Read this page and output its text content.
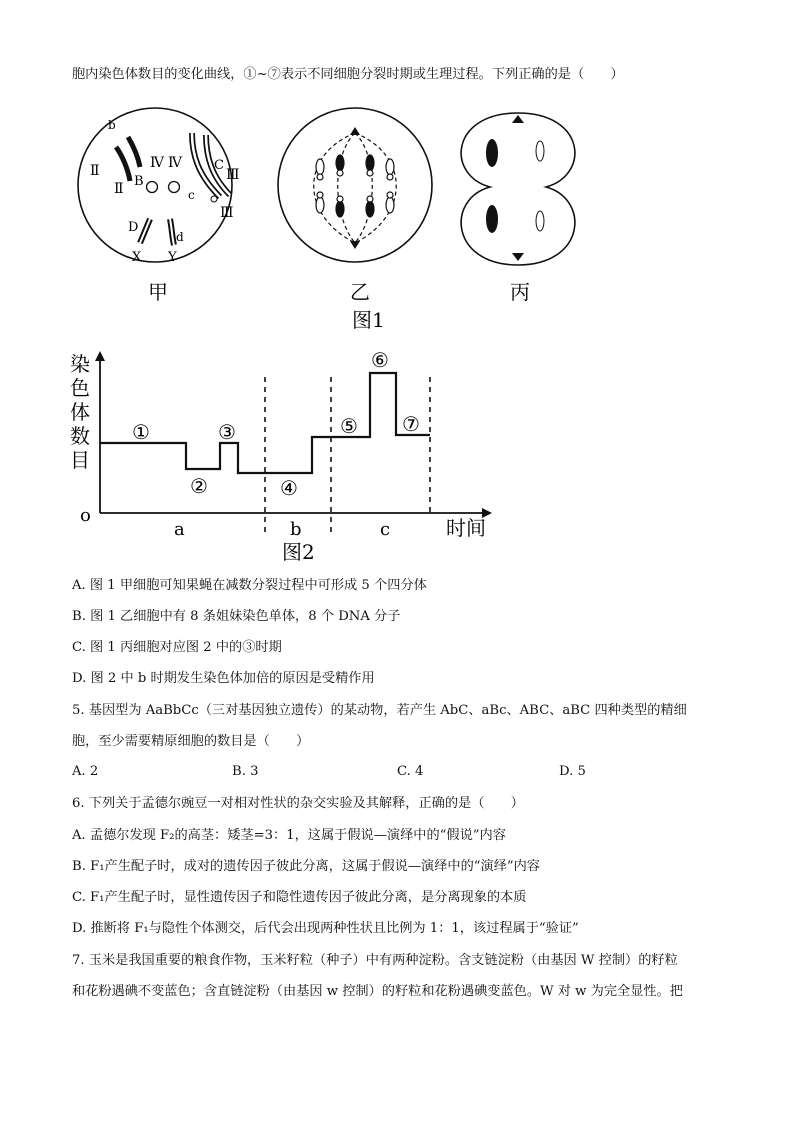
胞内染色体数目的变化曲线，①~⑦表示不同细胞分裂时期或生理过程。下列正确的是（　　）
b
Ⅱ
Ⅱ B
Ⅳ Ⅳ C
Ⅲ
c
Ⅲ
D
d
X Y
甲	乙	丙
图1
染
色
体
数
目
o
时间
①
②
③
④
⑤
⑥
⑦
a	b	c
图2
A. 图 1 甲细胞可知果蝇在减数分裂过程中可形成 5 个四分体
B. 图 1 乙细胞中有 8 条姐妹染色单体，8 个 DNA 分子
C. 图 1 丙细胞对应图 2 中的③时期
D. 图 2 中 b 时期发生染色体加倍的原因是受精作用
5. 基因型为 AaBbCc（三对基因独立遗传）的某动物，若产生 AbC、aBc、ABC、aBC 四种类型的精细
胞，至少需要精原细胞的数目是（　　）
A. 2	B. 3	C. 4	D. 5
6. 下列关于孟德尔豌豆一对相对性状的杂交实验及其解释，正确的是（　　）
A. 孟德尔发现 F₂的高茎：矮茎=3：1，这属于假说—演绎中的“假说”内容
B. F₁产生配子时，成对的遗传因子彼此分离，这属于假说—演绎中的“演绎”内容
C. F₁产生配子时，显性遗传因子和隐性遗传因子彼此分离，是分离现象的本质
D. 推断将 F₁与隐性个体测交，后代会出现两种性状且比例为 1：1，该过程属于“验证”
7. 玉米是我国重要的粮食作物，玉米籽粒（种子）中有两种淀粉。含支链淀粉（由基因 W 控制）的籽粒
和花粉遇碘不变蓝色；含直链淀粉（由基因 w 控制）的籽粒和花粉遇碘变蓝色。W 对 w 为完全显性。把
